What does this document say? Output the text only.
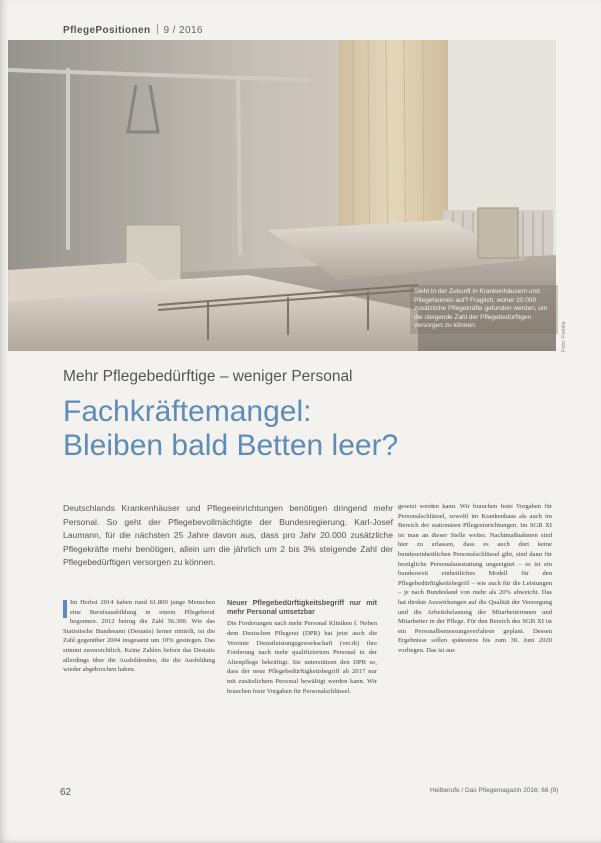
PflegePositionen 9 / 2016
Steht in der Zukunft in Krankenhäusern und Pflegeheimen auf? Fraglich, woher 20.000 zusätzliche Pflegekräfte gefunden werden, um die steigende Zahl der Pflegebedürftigen versorgen zu können.	Foto: Fotolia
Mehr Pflegebedürftige – weniger Personal
Fachkräftemangel:
Bleiben bald Betten leer?
Deutschlands Krankenhäuser und Pflegeeinrichtungen benötigen dringend mehr Personal. So geht der Pflegebevollmächtigte der Bundesregierung, Karl-Josef Laumann, für die nächsten 25 Jahre davon aus, dass pro Jahr 20.000 zusätzliche Pflegekräfte mehr benötigen, allein um die jährlich um 2 bis 3% steigende Zahl der Pflegebedürftigen versorgen zu können.

Im Herbst 2014 haben rund 61.800 junge Menschen eine Berufsausbildung in einem Pflegeberuf begonnen. 2012 betrug die Zahl 56.300. Wie das Statistische Bundesamt (Destatis) ferner mitteilt, ist die Zahl gegenüber 2004 insgesamt um 10% gestiegen. Das stimmt zuversichtlich. Keine Zahlen liefern das Destatis allerdings über die Ausbildenden, die die Ausbildung wieder abgebrochen haben.

Neuer Pflegebedürftigkeitsbegriff nur mit mehr Personal umsetzbar

Die Forderungen nach mehr Personal Kliniken f. Neben dem Deutschen Pflegerat (DPR) hat jetzt auch die Vereinte Dienstleistungsgewerkschaft (ver.di) ihre Forderung nach mehr qualifiziertem Personal in der Altenpflege bekräftigt. Sie unterstützen den DPR so, dass der neue Pflegebedürftigkeitsbegriff ab 2017 nur mit zusätzlichem Personal bewältigt werden kann. Wir brauchen feste Vorgaben für Personalschlüssel.

gesetzt werden kann. Wir brauchen feste Vorgaben für Personalschlüssel, sowohl im Krankenhaus als auch im Bereich der stationären Pflegeeinrichtungen. Im SGB XI ist man an dieser Stelle weiter. Nachtmaßnahmen sind hier zu erlassen, dass es auch dort keine bundeseinheitlichen Personalschlüssel gibt, sind dann für bezügliche Personalausstattung ungeeignet – es ist ein bundesweit einheitliches Modell für den Pflegebedürftigkeitsbegriff – wie auch für die Leistungen – je nach Bundesland von mehr als 20% abweicht. Das hat direkte Auswirkungen auf die Qualität der Versorgung und die Arbeitsbelastung der Mitarbeiterinnen und Mitarbeiter in der Pflege. Für den Bereich des SGB XI ist ein Personalbemessungsverfahren geplant. Dessen Ergebnisse sollen spätestens bis zum 30. Juni 2020 vorliegen. Das ist aus

62	Heilberufe / Das Pflegemagazin 2016; 68 (9)
